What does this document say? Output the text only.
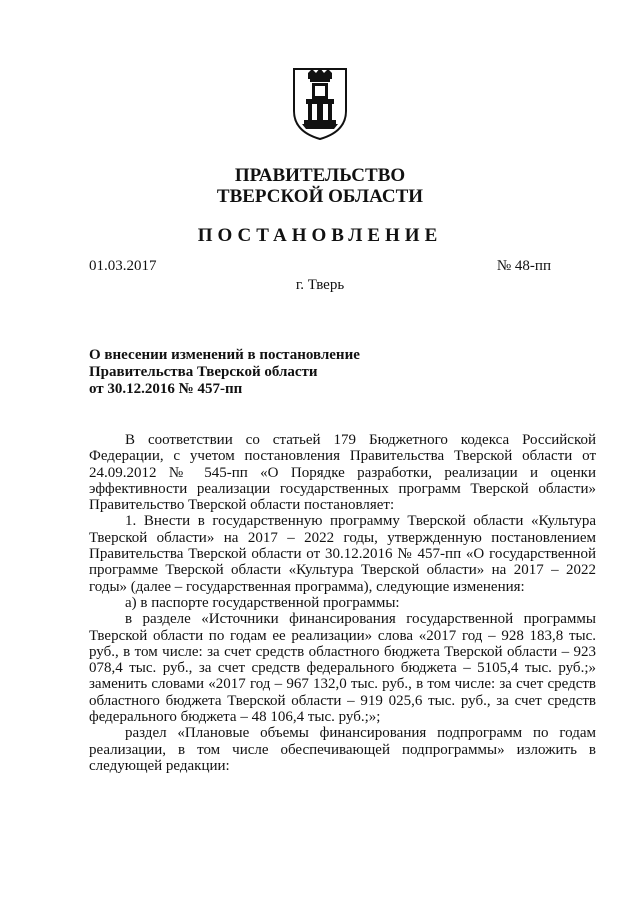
ПРАВИТЕЛЬСТВО
ТВЕРСКОЙ ОБЛАСТИ
ПОСТАНОВЛЕНИЕ
01.03.2017	№ 48-пп
г. Тверь
О внесении изменений в постановление
Правительства Тверской области
от 30.12.2016 № 457-пп

В соответствии со статьей 179 Бюджетного кодекса Российской Федерации, с учетом постановления Правительства Тверской области от 24.09.2012 № 545-пп «О Порядке разработки, реализации и оценки эффективности реализации государственных программ Тверской области» Правительство Тверской области постановляет:

1. Внести в государственную программу Тверской области «Культура Тверской области» на 2017 – 2022 годы, утвержденную постановлением Правительства Тверской области от 30.12.2016 № 457-пп «О государственной программе Тверской области «Культура Тверской области» на 2017 – 2022 годы» (далее – государственная программа), следующие изменения:

а) в паспорте государственной программы:

в разделе «Источники финансирования государственной программы Тверской области по годам ее реализации» слова «2017 год – 928 183,8 тыс. руб., в том числе: за счет средств областного бюджета Тверской области – 923 078,4 тыс. руб., за счет средств федерального бюджета – 5105,4 тыс. руб.;» заменить словами «2017 год – 967 132,0 тыс. руб., в том числе: за счет средств областного бюджета Тверской области – 919 025,6 тыс. руб., за счет средств федерального бюджета – 48 106,4 тыс. руб.;»;

раздел «Плановые объемы финансирования подпрограмм по годам реализации, в том числе обеспечивающей подпрограммы» изложить в следующей редакции:
